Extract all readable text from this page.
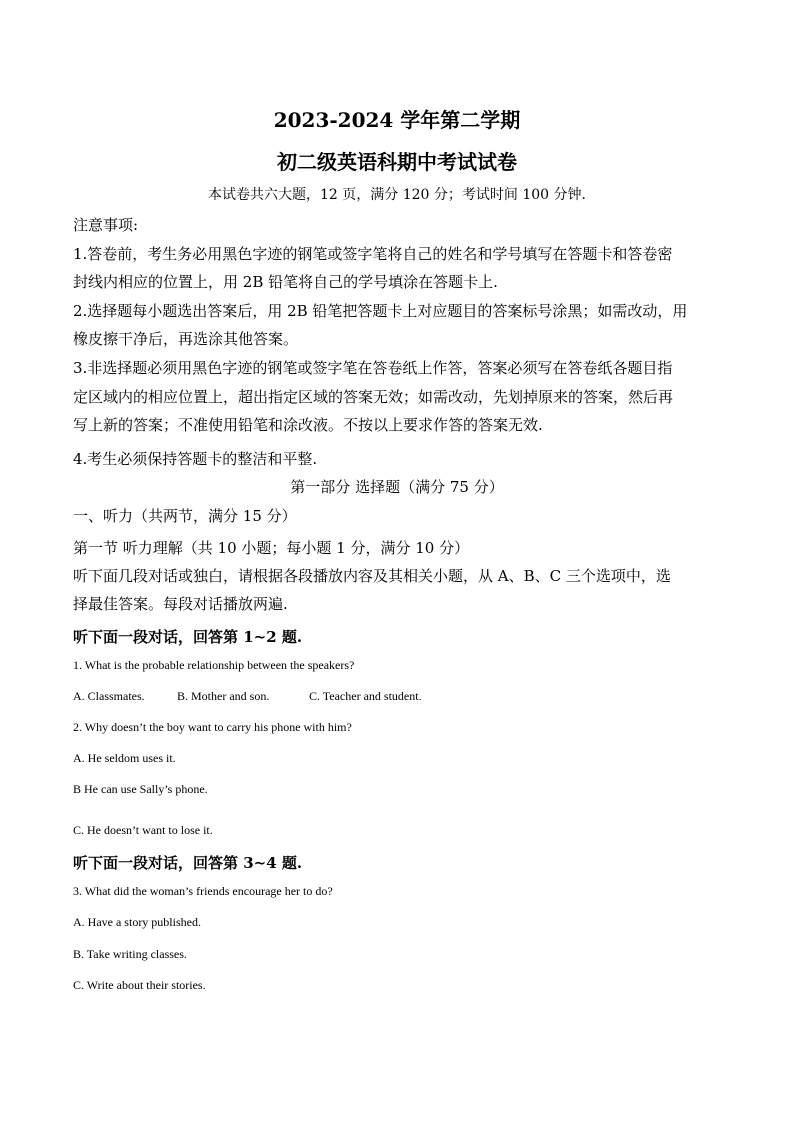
2023-2024 学年第二学期
初二级英语科期中考试试卷
本试卷共六大题，12 页，满分 120 分；考试时间 100 分钟.
注意事项:
1.答卷前，考生务必用黑色字迹的钢笔或签字笔将自己的姓名和学号填写在答题卡和答卷密
封线内相应的位置上，用 2B 铅笔将自己的学号填涂在答题卡上.
2.选择题每小题选出答案后，用 2B 铅笔把答题卡上对应题目的答案标号涂黑；如需改动，用
橡皮擦干净后，再选涂其他答案。
3.非选择题必须用黑色字迹的钢笔或签字笔在答卷纸上作答，答案必须写在答卷纸各题目指
定区域内的相应位置上，超出指定区域的答案无效；如需改动，先划掉原来的答案，然后再
写上新的答案；不准使用铅笔和涂改液。不按以上要求作答的答案无效.
4.考生必须保持答题卡的整洁和平整.
第一部分 选择题（满分 75 分）
一、听力（共两节，满分 15 分）
第一节 听力理解（共 10 小题；每小题 1 分，满分 10 分）
听下面几段对话或独白，请根据各段播放内容及其相关小题，从 A、B、C 三个选项中，选
择最佳答案。每段对话播放两遍.
听下面一段对话，回答第 1~2 题.
1. What is the probable relationship between the speakers?
A. Classmates.	B. Mother and son.	C. Teacher and student.
2. Why doesn’t the boy want to carry his phone with him?
A. He seldom uses it.
B He can use Sally’s phone.
C. He doesn’t want to lose it.
听下面一段对话，回答第 3~4 题.
3. What did the woman’s friends encourage her to do?
A. Have a story published.
B. Take writing classes.
C. Write about their stories.
